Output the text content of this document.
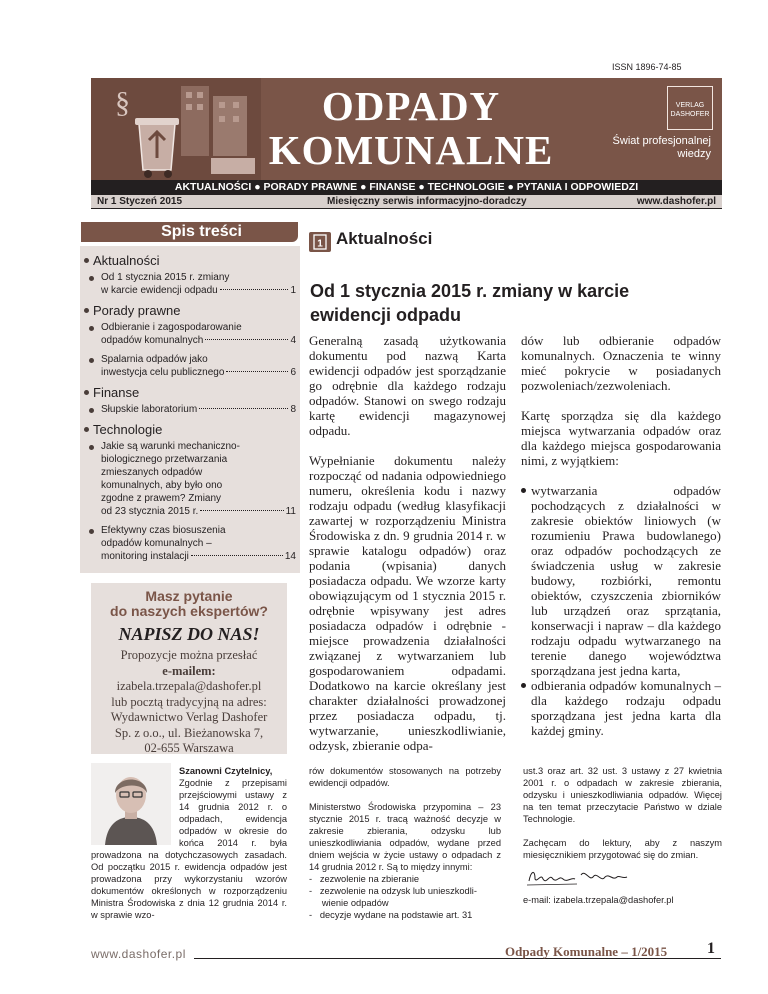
ISSN 1896-74-85
§	ODPADY
KOMUNALNE
VERLAG
DASHOFER
Świat profesjonalnej
wiedzy
AKTUALNOŚCI ● PORADY PRAWNE ● FINANSE ● TECHNOLOGIE ● PYTANIA I ODPOWIEDZI
Nr 1 Styczeń 2015	Miesięczny serwis informacyjno-doradczy	www.dashofer.pl
Spis treści
Aktualności
Od 1 stycznia 2015 r. zmiany
w karcie ewidencji odpadu	1
Porady prawne
Odbieranie i zagospodarowanie
odpadów komunalnych	4
Spalarnia odpadów jako
inwestycja celu publicznego	6
Finanse
Słupskie laboratorium	8
Technologie
Jakie są warunki mechaniczno-
biologicznego przetwarzania
zmieszanych odpadów
komunalnych, aby było ono
zgodne z prawem? Zmiany
od 23 stycznia 2015 r.	11
Efektywny czas biosuszenia
odpadów komunalnych –
monitoring instalacji	14
Masz pytanie
do naszych ekspertów?
NAPISZ DO NAS!
Propozycje można przesłać
e-mailem:
izabela.trzepala@dashofer.pl
lub pocztą tradycyjną na adres:
Wydawnictwo Verlag Dashofer
Sp. z o.o., ul. Bieżanowska 7,
02-655 Warszawa
1 Aktualności
Od 1 stycznia 2015 r. zmiany w karcie ewidencji odpadu

Generalną zasadą użytkowania dokumentu pod nazwą Karta ewidencji odpadów jest sporządzanie go odrębnie dla każdego rodzaju odpadów. Stanowi on swego rodzaju kartę ewidencji magazynowej odpadu.

Wypełnianie dokumentu należy rozpocząć od nadania odpowiedniego numeru, określenia kodu i nazwy rodzaju odpadu (według klasyfikacji zawartej w rozporządzeniu Ministra Środowiska z dn. 9 grudnia 2014 r. w sprawie katalogu odpadów) oraz podania (wpisania) danych posiadacza odpadu. We wzorze karty obowiązującym od 1 stycznia 2015 r. odrębnie wpisywany jest adres posiadacza odpadów i odrębnie - miejsce prowadzenia działalności związanej z wytwarzaniem lub gospodarowaniem odpadami. Dodatkowo na karcie określany jest charakter działalności prowadzonej przez posiadacza odpadu, tj. wytwarzanie, unieszkodliwianie, odzysk, zbieranie odpa-

dów lub odbieranie odpadów komunalnych. Oznaczenia te winny mieć pokrycie w posiadanych pozwoleniach/zezwoleniach.

Kartę sporządza się dla każdego miejsca wytwarzania odpadów oraz dla każdego miejsca gospodarowania nimi, z wyjątkiem:

wytwarzania odpadów pochodzących z działalności w zakresie obiektów liniowych (w rozumieniu Prawa budowlanego) oraz odpadów pochodzących ze świadczenia usług w zakresie budowy, rozbiórki, remontu obiektów, czyszczenia zbiorników lub urządzeń oraz sprzątania, konserwacji i napraw – dla każdego rodzaju odpadu wytwarzanego na terenie danego województwa sporządzana jest jedna karta,
odbierania odpadów komunalnych – dla każdego rodzaju odpadu sporządzana jest jedna karta dla każdej gminy.
Szanowni Czytelnicy,
Zgodnie z przepisami przejściowymi ustawy z 14 grudnia 2012 r. o odpadach, ewidencja odpadów w okresie do końca 2014 r. była prowadzona na dotychczasowych zasadach. Od początku 2015 r. ewidencja odpadów jest prowadzona przy wykorzystaniu wzorów dokumentów określonych w rozporządzeniu Ministra Środowiska z dnia 12 grudnia 2014 r. w sprawie wzo-

rów dokumentów stosowanych na potrzeby ewidencji odpadów.

Ministerstwo Środowiska przypomina – 23 stycznie 2015 r. tracą ważność decyzje w zakresie zbierania, odzysku lub unieszkodliwiania odpadów, wydane przed dniem wejścia w życie ustawy o odpadach z 14 grudnia 2012 r. Są to między innymi:

-   zezwolenie na zbieranie
-   zezwolenie na odzysk lub unieszkodli-
wienie odpadów
-   decyzje wydane na podstawie art. 31

ust.3 oraz art. 32 ust. 3 ustawy z 27 kwietnia 2001 r. o odpadach w zakresie zbierania, odzysku i unieszkodliwiania odpadów. Więcej na ten temat przeczytacie Państwo w dziale Technologie.

Zachęcam do lektury, aby z naszym miesięcznikiem przygotować się do zmian.

e-mail: izabela.trzepala@dashofer.pl
www.dashofer.pl	Odpady Komunalne – 1/2015 1
